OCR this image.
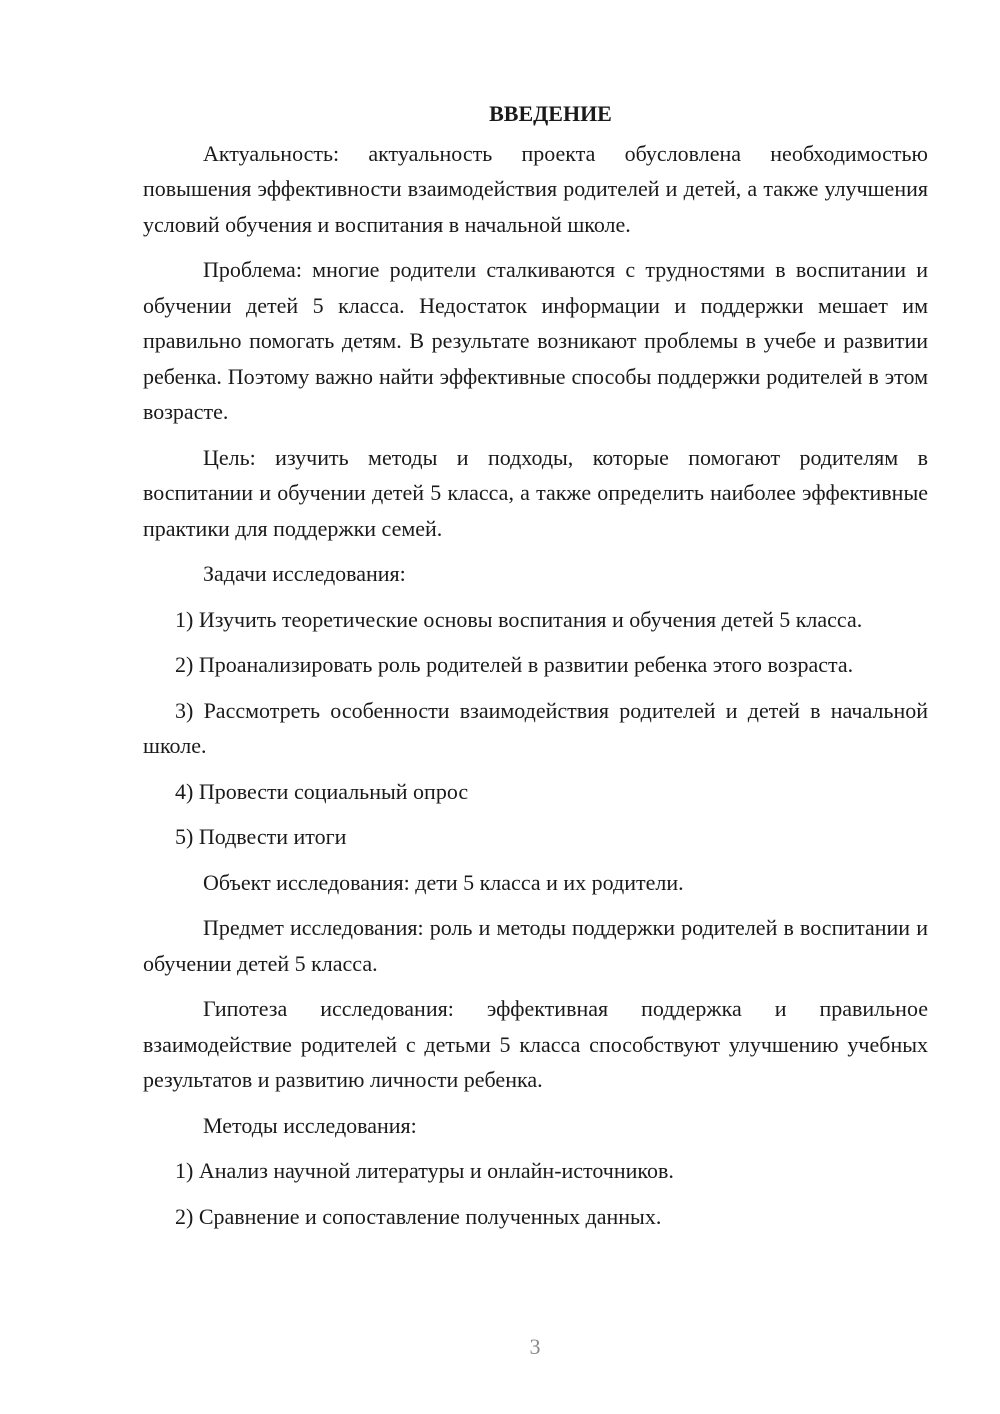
ВВЕДЕНИЕ

Актуальность: актуальность проекта обусловлена необходимостью повышения эффективности взаимодействия родителей и детей, а также улучшения условий обучения и воспитания в начальной школе.

Проблема: многие родители сталкиваются с трудностями в воспитании и обучении детей 5 класса. Недостаток информации и поддержки мешает им правильно помогать детям. В результате возникают проблемы в учебе и развитии ребенка. Поэтому важно найти эффективные способы поддержки родителей в этом возрасте.

Цель: изучить методы и подходы, которые помогают родителям в воспитании и обучении детей 5 класса, а также определить наиболее эффективные практики для поддержки семей.

Задачи исследования:

1) Изучить теоретические основы воспитания и обучения детей 5 класса.

2) Проанализировать роль родителей в развитии ребенка этого возраста.

3) Рассмотреть особенности взаимодействия родителей и детей в начальной школе.

4) Провести социальный опрос

5) Подвести итоги

Объект исследования: дети 5 класса и их родители.

Предмет исследования: роль и методы поддержки родителей в воспитании и обучении детей 5 класса.

Гипотеза исследования: эффективная поддержка и правильное взаимодействие родителей с детьми 5 класса способствуют улучшению учебных результатов и развитию личности ребенка.

Методы исследования:

1) Анализ научной литературы и онлайн-источников.

2) Сравнение и сопоставление полученных данных.

3
